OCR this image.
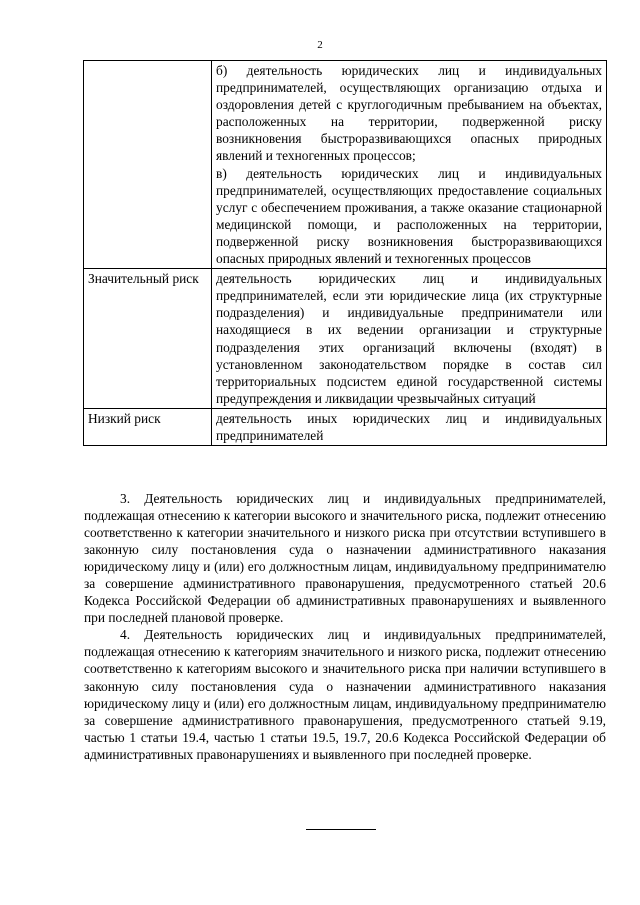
2

	б) деятельность юридических лиц и индивидуальных предпринимателей, осуществляющих организацию отдыха и оздоровления детей с круглогодичным пребыванием на объектах, расположенных на территории, подверженной риску возникновения быстроразвивающихся опасных природных явлений и техногенных процессов;

в) деятельность юридических лиц и индивидуальных предпринимателей, осуществляющих предоставление социальных услуг с обеспечением проживания, а также оказание стационарной медицинской помощи, и расположенных на территории, подверженной риску возникновения быстроразвивающихся опасных природных явлений и техногенных процессов

Значительный риск	деятельность юридических лиц и индивидуальных предпринимателей, если эти юридические лица (их структурные подразделения) и индивидуальные предприниматели или находящиеся в их ведении организации и структурные подразделения этих организаций включены (входят) в установленном законодательством порядке в состав сил территориальных подсистем единой государственной системы предупреждения и ликвидации чрезвычайных ситуаций

Низкий риск	деятельность иных юридических лиц и индивидуальных предпринимателей

3. Деятельность юридических лиц и индивидуальных предпринимателей, подлежащая отнесению к категории высокого и значительного риска, подлежит отнесению соответственно к категории значительного и низкого риска при отсутствии вступившего в законную силу постановления суда о назначении административного наказания юридическому лицу и (или) его должностным лицам, индивидуальному предпринимателю за совершение административного правонарушения, предусмотренного статьей 20.6 Кодекса Российской Федерации об административных правонарушениях и выявленного при последней плановой проверке.

4. Деятельность юридических лиц и индивидуальных предпринимателей, подлежащая отнесению к категориям значительного и низкого риска, подлежит отнесению соответственно к категориям высокого и значительного риска при наличии вступившего в законную силу постановления суда о назначении административного наказания юридическому лицу и (или) его должностным лицам, индивидуальному предпринимателю за совершение административного правонарушения, предусмотренного статьей 9.19, частью 1 статьи 19.4, частью 1 статьи 19.5, 19.7, 20.6 Кодекса Российской Федерации об административных правонарушениях и выявленного при последней проверке.
